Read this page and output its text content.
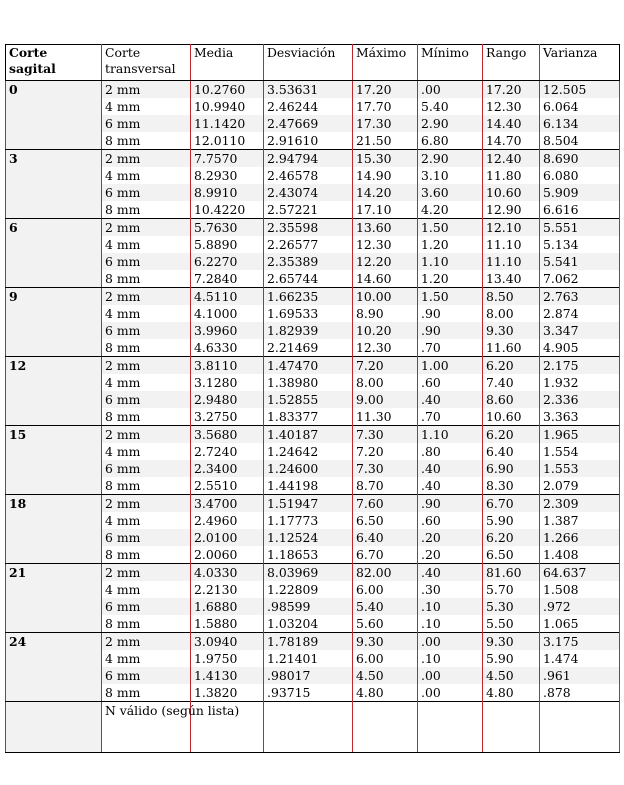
Corte sagital	Corte transversal	Media	Desviación	Máximo	Mínimo	Rango	Varianza
0	2 mm	10.2760	3.53631	17.20	.00	17.20	12.505
	4 mm	10.9940	2.46244	17.70	5.40	12.30	6.064
	6 mm	11.1420	2.47669	17.30	2.90	14.40	6.134
	8 mm	12.0110	2.91610	21.50	6.80	14.70	8.504
3	2 mm	7.7570	2.94794	15.30	2.90	12.40	8.690
	4 mm	8.2930	2.46578	14.90	3.10	11.80	6.080
	6 mm	8.9910	2.43074	14.20	3.60	10.60	5.909
	8 mm	10.4220	2.57221	17.10	4.20	12.90	6.616
6	2 mm	5.7630	2.35598	13.60	1.50	12.10	5.551
	4 mm	5.8890	2.26577	12.30	1.20	11.10	5.134
	6 mm	6.2270	2.35389	12.20	1.10	11.10	5.541
	8 mm	7.2840	2.65744	14.60	1.20	13.40	7.062
9	2 mm	4.5110	1.66235	10.00	1.50	8.50	2.763
	4 mm	4.1000	1.69533	8.90	.90	8.00	2.874
	6 mm	3.9960	1.82939	10.20	.90	9.30	3.347
	8 mm	4.6330	2.21469	12.30	.70	11.60	4.905
12	2 mm	3.8110	1.47470	7.20	1.00	6.20	2.175
	4 mm	3.1280	1.38980	8.00	.60	7.40	1.932
	6 mm	2.9480	1.52855	9.00	.40	8.60	2.336
	8 mm	3.2750	1.83377	11.30	.70	10.60	3.363
15	2 mm	3.5680	1.40187	7.30	1.10	6.20	1.965
	4 mm	2.7240	1.24642	7.20	.80	6.40	1.554
	6 mm	2.3400	1.24600	7.30	.40	6.90	1.553
	8 mm	2.5510	1.44198	8.70	.40	8.30	2.079
18	2 mm	3.4700	1.51947	7.60	.90	6.70	2.309
	4 mm	2.4960	1.17773	6.50	.60	5.90	1.387
	6 mm	2.0100	1.12524	6.40	.20	6.20	1.266
	8 mm	2.0060	1.18653	6.70	.20	6.50	1.408
21	2 mm	4.0330	8.03969	82.00	.40	81.60	64.637
	4 mm	2.2130	1.22809	6.00	.30	5.70	1.508
	6 mm	1.6880	.98599	5.40	.10	5.30	.972
	8 mm	1.5880	1.03204	5.60	.10	5.50	1.065
24	2 mm	3.0940	1.78189	9.30	.00	9.30	3.175
	4 mm	1.9750	1.21401	6.00	.10	5.90	1.474
	6 mm	1.4130	.98017	4.50	.00	4.50	.961
	8 mm	1.3820	.93715	4.80	.00	4.80	.878
	N válido (según lista)						
